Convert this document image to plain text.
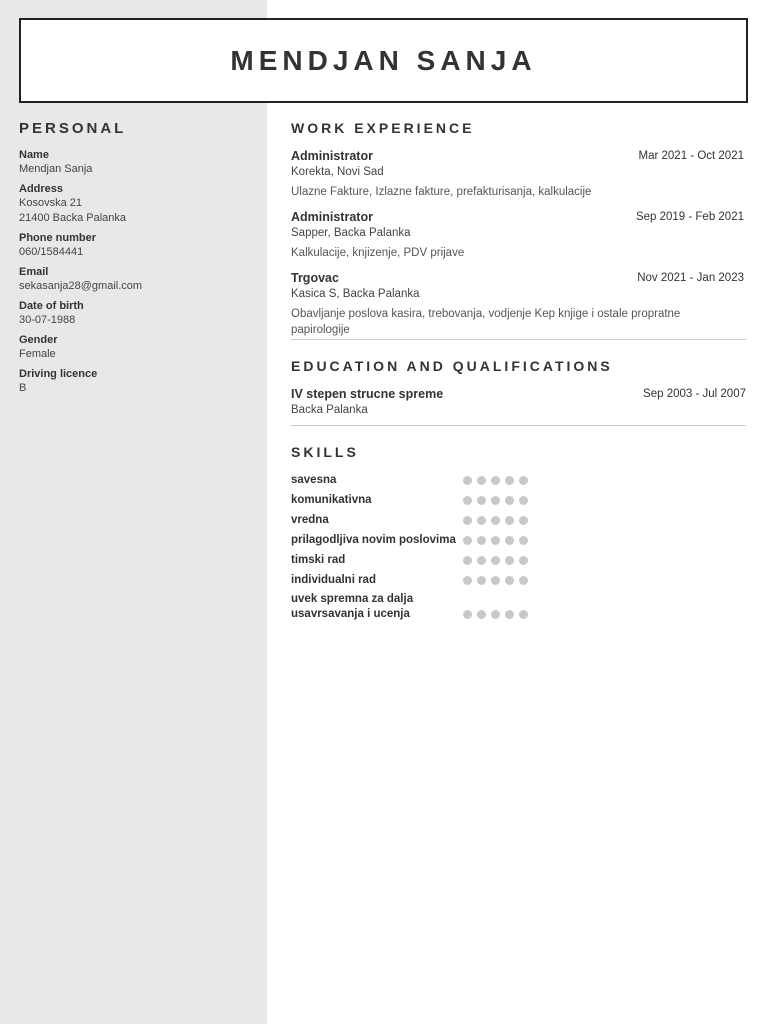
MENDJAN SANJA
PERSONAL
Name
Mendjan Sanja
Address
Kosovska 21
21400 Backa Palanka
Phone number
060/1584441
Email
sekasanja28@gmail.com
Date of birth
30-07-1988
Gender
Female
Driving licence
B
WORK EXPERIENCE
Administrator	Mar 2021 - Oct 2021
Korekta, Novi Sad
Ulazne Fakture, Izlazne fakture, prefakturisanja, kalkulacije
Administrator	Sep 2019 - Feb 2021
Sapper, Backa Palanka
Kalkulacije, knjizenje, PDV prijave
Trgovac	Nov 2021 - Jan 2023
Kasica S, Backa Palanka
Obavljanje poslova kasira, trebovanja, vodjenje Kep knjige i ostale propratne papirologije
EDUCATION AND QUALIFICATIONS
IV stepen strucne spreme	Sep 2003 - Jul 2007
Backa Palanka
SKILLS
savesna
komunikativna
vredna
prilagodljiva novim poslovima
timski rad
individualni rad
uvek spremna za dalja usavrsavanja i ucenja
